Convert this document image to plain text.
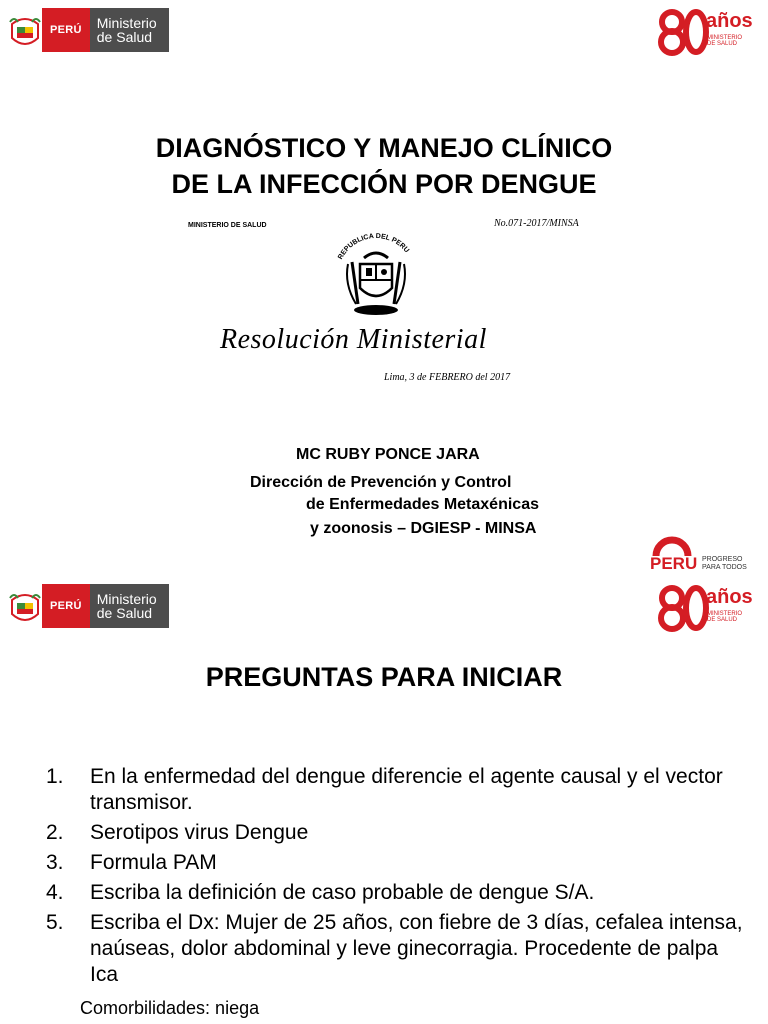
PERÚ	Ministerio
de Salud
años
MINISTERIO
DE SALUD
DIAGNÓSTICO Y MANEJO CLÍNICO
DE LA INFECCIÓN POR DENGUE
MINISTERIO DE SALUD	No.071-2017/MINSA
REPUBLICA DEL PERU
Resolución Ministerial
Lima, 3 de FEBRERO del 2017
MC RUBY PONCE JARA
Dirección de Prevención y Control
de Enfermedades Metaxénicas
y zoonosis – DGIESP - MINSA
PERU PROGRESO
PARA TODOS
PERÚ	Ministerio
de Salud
años
MINISTERIO
DE SALUD
PREGUNTAS PARA INICIAR
1.	En la enfermedad del dengue diferencie el agente causal y el vector transmisor.
2.	Serotipos virus Dengue
3.	Formula PAM
4.	Escriba la definición de caso probable de dengue S/A.
5.	Escriba el Dx: Mujer de 25 años, con fiebre de 3 días, cefalea intensa, naúseas, dolor abdominal y leve ginecorragia. Procedente de palpa Ica
Comorbilidades: niega
